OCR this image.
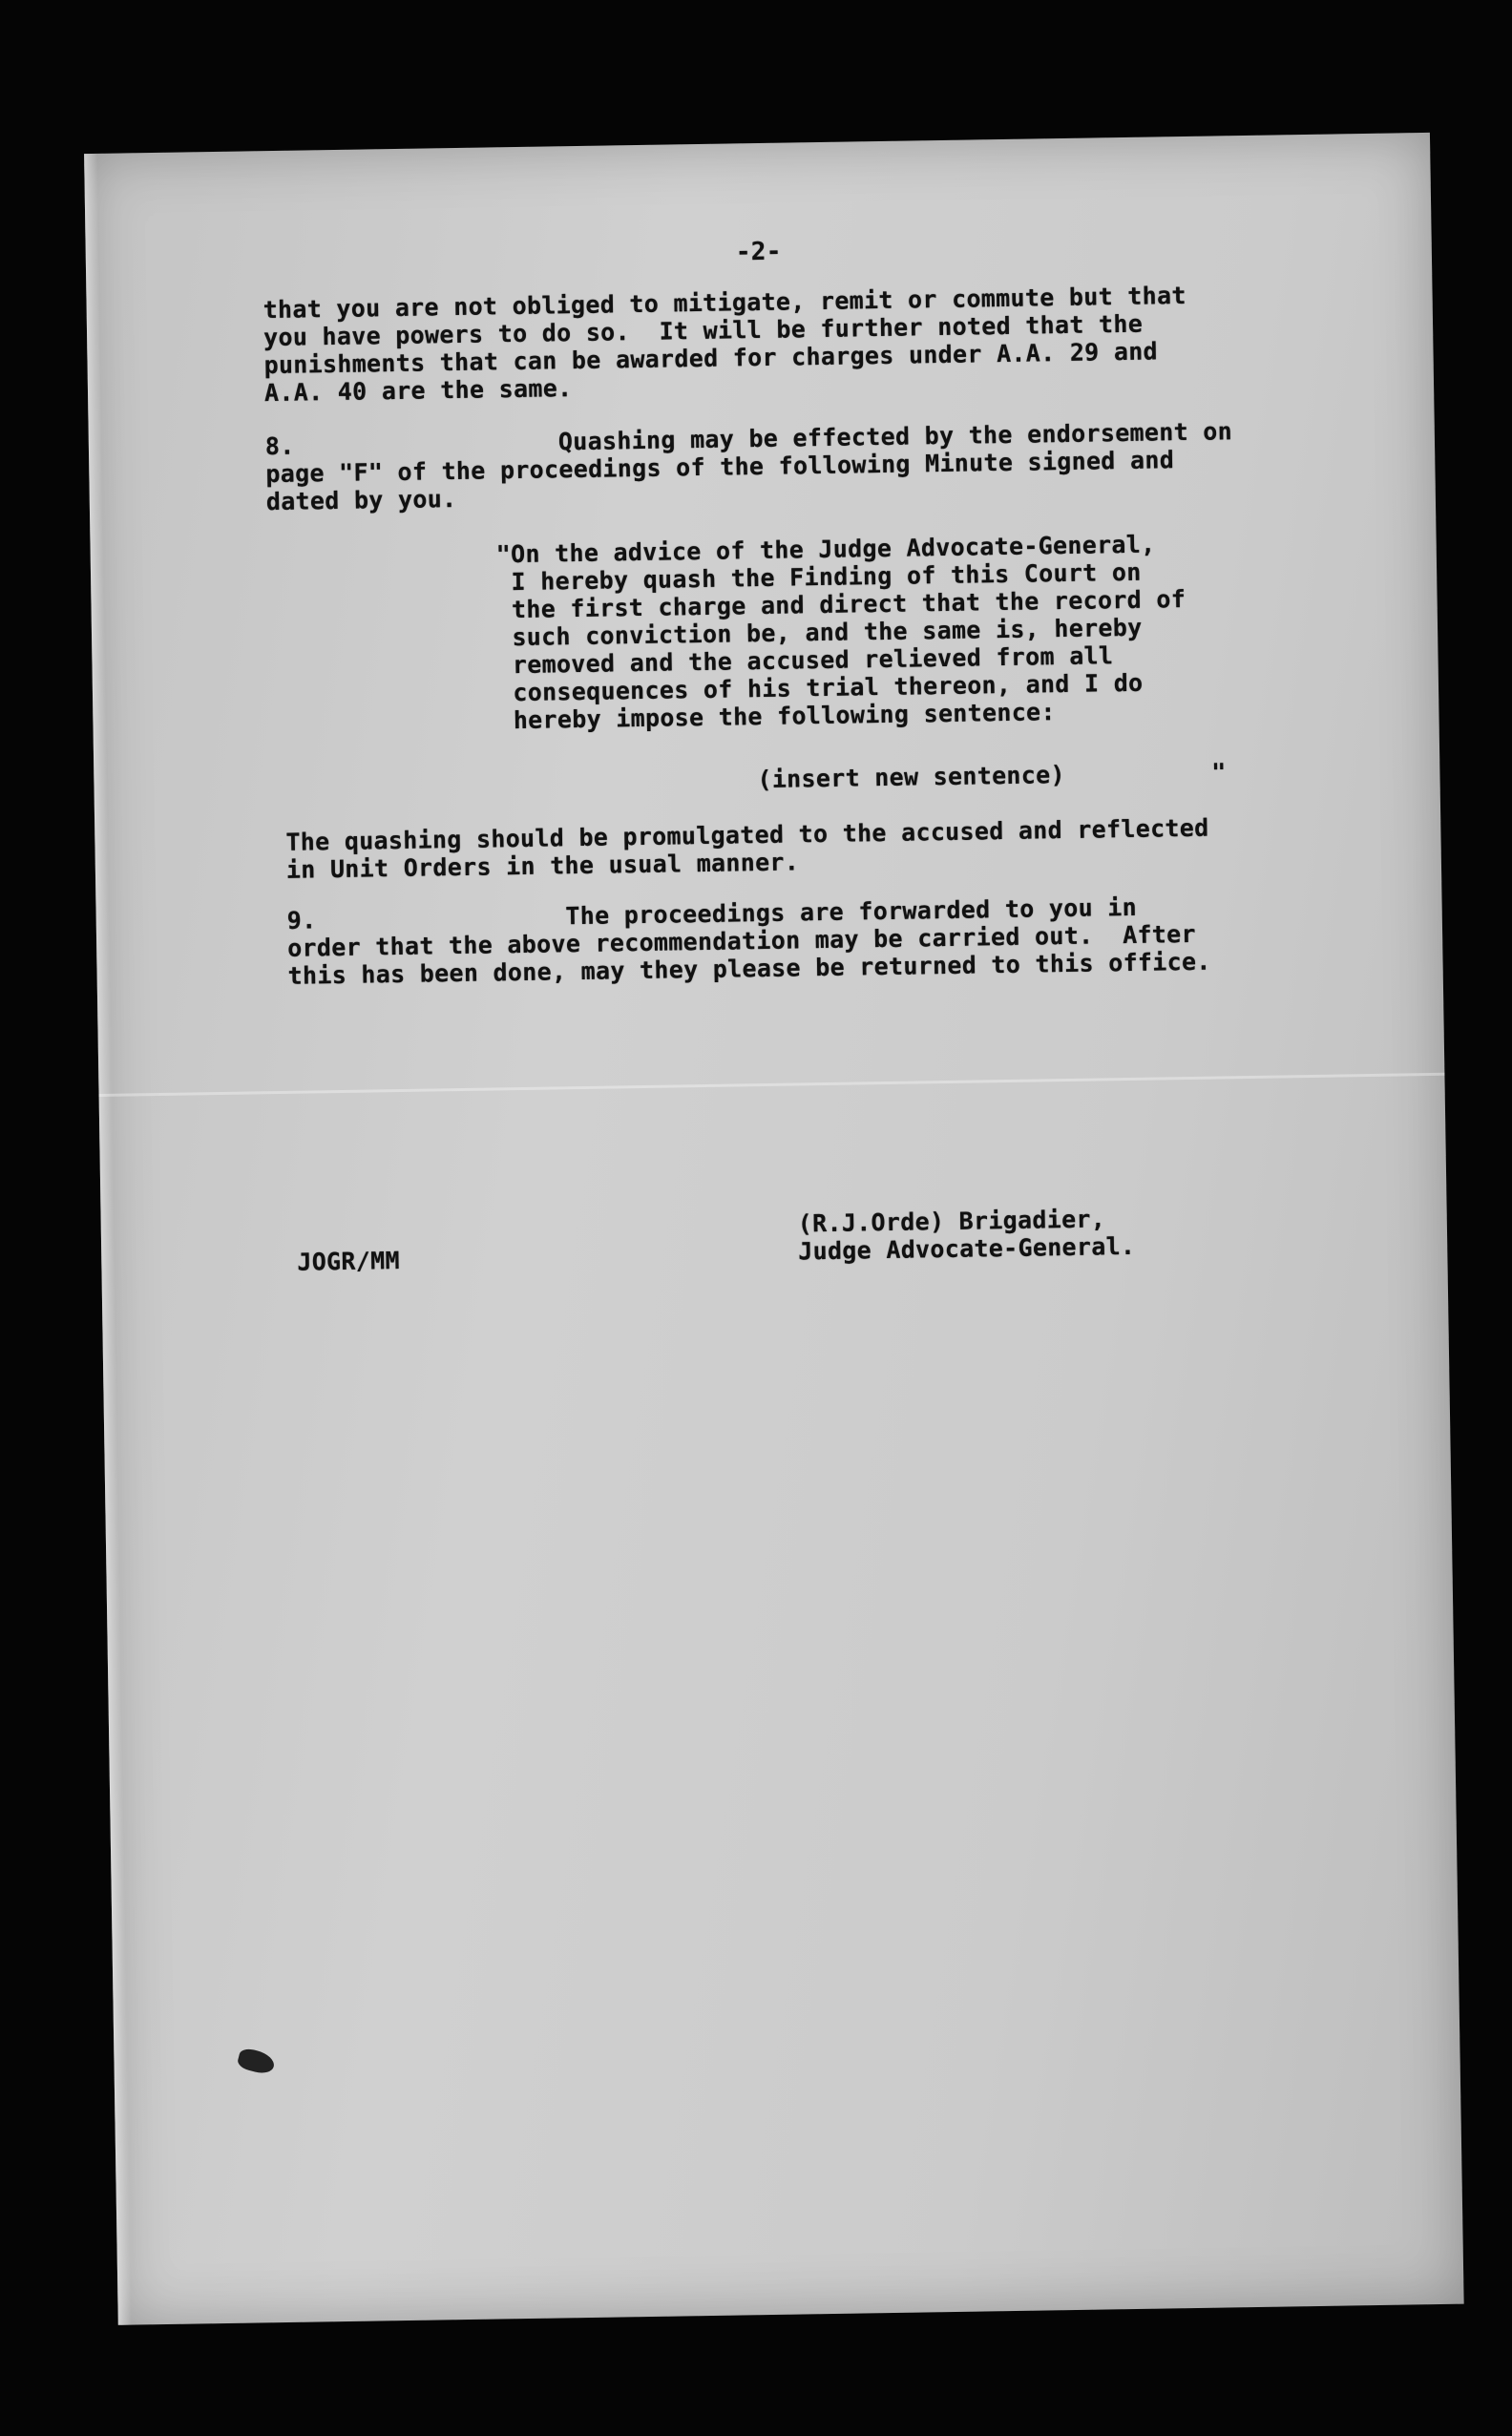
-2-
that you are not obliged to mitigate, remit or commute but that
you have powers to do so.  It will be further noted that the
punishments that can be awarded for charges under A.A. 29 and
A.A. 40 are the same.
8.                  Quashing may be effected by the endorsement on
page "F" of the proceedings of the following Minute signed and
dated by you.
"On the advice of the Judge Advocate-General,
I hereby quash the Finding of this Court on
the first charge and direct that the record of
such conviction be, and the same is, hereby
removed and the accused relieved from all
consequences of his trial thereon, and I do
hereby impose the following sentence:
(insert new sentence)          "
The quashing should be promulgated to the accused and reflected
in Unit Orders in the usual manner.
9.                 The proceedings are forwarded to you in
order that the above recommendation may be carried out.  After
this has been done, may they please be returned to this office.
(R.J.Orde) Brigadier,
Judge Advocate-General.
JOGR/MM
